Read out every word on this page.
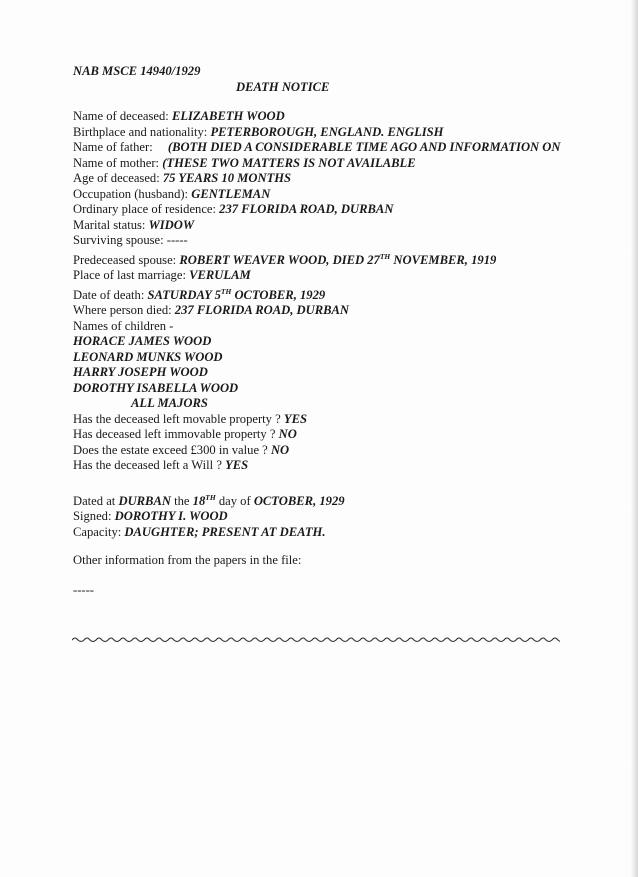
NAB MSCE 14940/1929
DEATH NOTICE
Name of deceased: ELIZABETH WOOD
Birthplace and nationality: PETERBOROUGH, ENGLAND. ENGLISH
Name of father: (BOTH DIED A CONSIDERABLE TIME AGO AND INFORMATION ON
Name of mother: (THESE TWO MATTERS IS NOT AVAILABLE
Age of deceased: 75 YEARS 10 MONTHS
Occupation (husband): GENTLEMAN
Ordinary place of residence: 237 FLORIDA ROAD, DURBAN
Marital status: WIDOW
Surviving spouse: -----
Predeceased spouse: ROBERT WEAVER WOOD, DIED 27TH NOVEMBER, 1919
Place of last marriage: VERULAM
Date of death: SATURDAY 5TH OCTOBER, 1929
Where person died: 237 FLORIDA ROAD, DURBAN
Names of children -
HORACE JAMES WOOD
LEONARD MUNKS WOOD
HARRY JOSEPH WOOD
DOROTHY ISABELLA WOOD
ALL MAJORS
Has the deceased left movable property ? YES
Has deceased left immovable property ? NO
Does the estate exceed £300 in value ? NO
Has the deceased left a Will ? YES
Dated at DURBAN the 18TH day of OCTOBER, 1929
Signed: DOROTHY I. WOOD
Capacity: DAUGHTER; PRESENT AT DEATH.
Other information from the papers in the file:
-----
